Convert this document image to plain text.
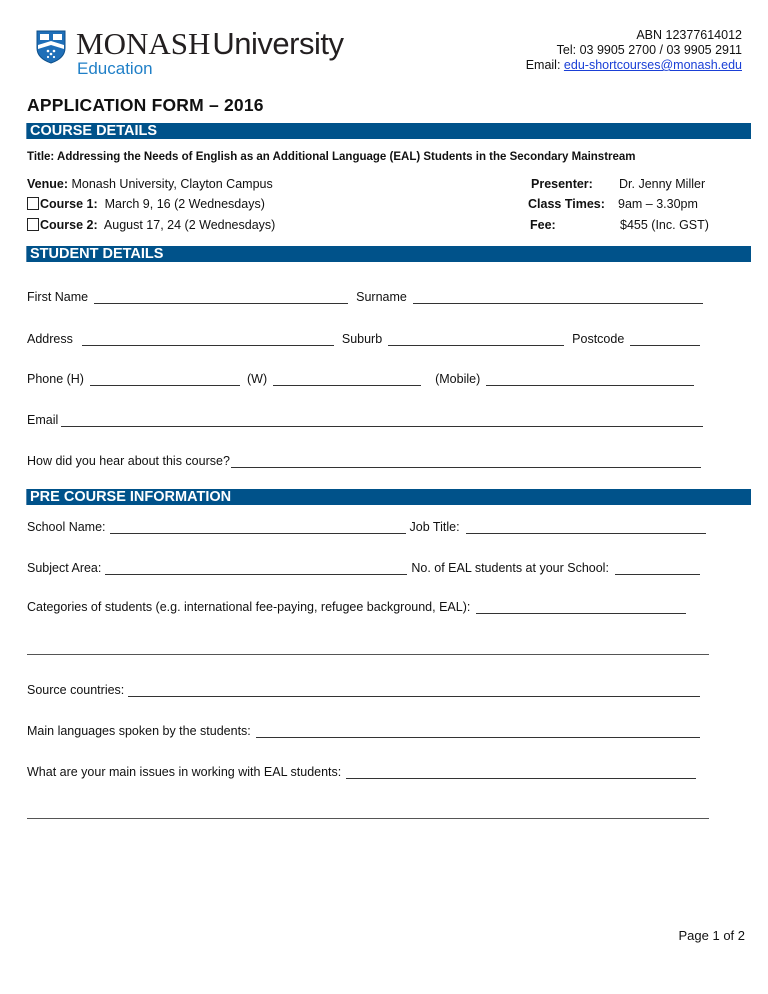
MONASHUniversity
Education
ABN 12377614012
Tel: 03 9905 2700 / 03 9905 2911
Email: edu-shortcourses@monash.edu
APPLICATION FORM – 2016
COURSE DETAILS
Title: Addressing the Needs of English as an Additional Language (EAL) Students in the Secondary Mainstream
Venue: Monash University, Clayton Campus
Course 1: March 9, 16 (2 Wednesdays)
Course 2: August 17, 24 (2 Wednesdays)
Presenter: Dr. Jenny Miller
Class Times: 9am – 3.30pm
Fee:	$455 (Inc. GST)
STUDENT DETAILS
First Name	Surname
Address	Suburb	Postcode
Phone (H)	(W)	(Mobile)
Email
How did you hear about this course?
PRE COURSE INFORMATION
School Name:	Job Title:
Subject Area:	No. of EAL students at your School:
Categories of students (e.g. international fee-paying, refugee background, EAL):
Source countries:
Main languages spoken by the students:
What are your main issues in working with EAL students:
Page 1 of 2
